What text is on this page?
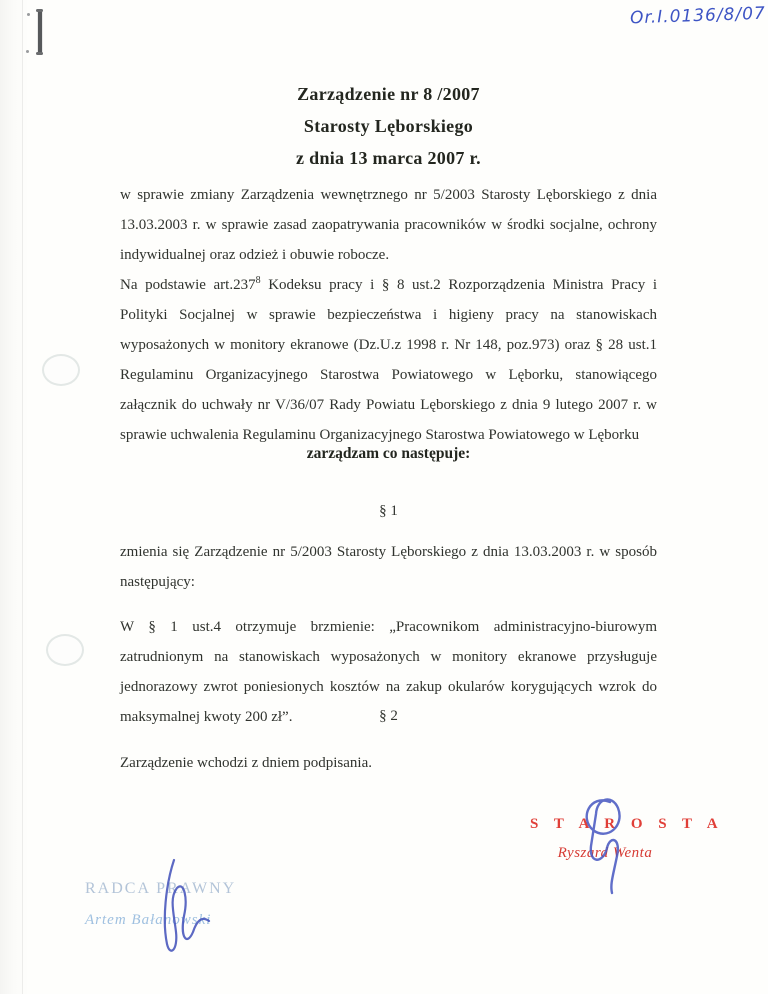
Or.I.0136/8/07
Zarządzenie nr 8 /2007
Starosty Lęborskiego
z dnia 13 marca 2007 r.
w sprawie zmiany Zarządzenia wewnętrznego nr 5/2003 Starosty Lęborskiego z dnia 13.03.2003 r. w sprawie zasad zaopatrywania pracowników w środki socjalne, ochrony indywidualnej oraz odzież i obuwie robocze.
Na podstawie art.237$^8$ Kodeksu pracy i § 8 ust.2 Rozporządzenia Ministra Pracy i Polityki Socjalnej w sprawie bezpieczeństwa i higieny pracy na stanowiskach wyposażonych w monitory ekranowe (Dz.U.z 1998 r. Nr 148, poz.973) oraz § 28 ust.1 Regulaminu Organizacyjnego Starostwa Powiatowego w Lęborku, stanowiącego załącznik do uchwały nr V/36/07 Rady Powiatu Lęborskiego z dnia 9 lutego 2007 r. w sprawie uchwalenia Regulaminu Organizacyjnego Starostwa Powiatowego w Lęborku
zarządzam co następuje:
§ 1
zmienia się Zarządzenie nr 5/2003 Starosty Lęborskiego z dnia 13.03.2003 r. w sposób następujący:
W § 1 ust.4 otrzymuje brzmienie: „Pracownikom administracyjno-biurowym zatrudnionym na stanowiskach wyposażonych w monitory ekranowe przysługuje jednorazowy zwrot poniesionych kosztów na zakup okularów korygujących wzrok do maksymalnej kwoty 200 zł”.	§ 2
Zarządzenie wchodzi z dniem podpisania.
S T A R O S T A
Ryszard Wenta
RADCA PRAWNY
Artem Bałanowski
